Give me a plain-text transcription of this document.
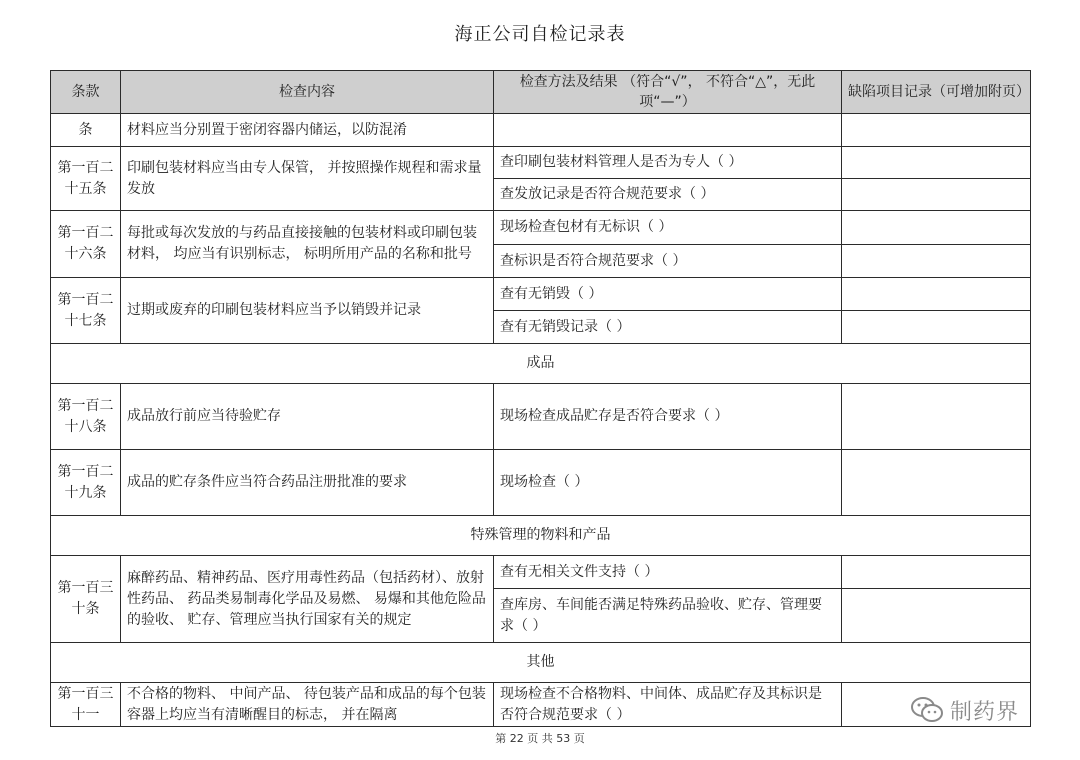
海正公司自检记录表
条款	检查内容	检查方法及结果 （符合“√”， 不符合“△”，无此项“—”）	缺陷项目记录（可增加附页）
条	材料应当分别置于密闭容器内储运，以防混淆		
第一百二十五条	印刷包装材料应当由专人保管， 并按照操作规程和需求量发放	查印刷包装材料管理人是否为专人（ ）	
		查发放记录是否符合规范要求（ ）	
第一百二十六条	每批或每次发放的与药品直接接触的包装材料或印刷包装材料， 均应当有识别标志， 标明所用产品的名称和批号	现场检查包材有无标识（ ）	
		查标识是否符合规范要求（ ）	
第一百二十七条	过期或废弃的印刷包装材料应当予以销毁并记录	查有无销毁（ ）	
		查有无销毁记录（ ）	
成品			
第一百二十八条	成品放行前应当待验贮存	现场检查成品贮存是否符合要求（ ）	
第一百二十九条	成品的贮存条件应当符合药品注册批准的要求	现场检查（ ）	
特殊管理的物料和产品			
第一百三十条	麻醉药品、精神药品、医疗用毒性药品（包括药材）、放射性药品、 药品类易制毒化学品及易燃、 易爆和其他危险品的验收、 贮存、管理应当执行国家有关的规定	查有无相关文件支持（ ）	
		查库房、车间能否满足特殊药品验收、贮存、管理要求（ ）	
其他			
第一百三十一	不合格的物料、 中间产品、 待包装产品和成品的每个包装容器上均应当有清晰醒目的标志， 并在隔离	现场检查不合格物料、中间体、成品贮存及其标识是否符合规范要求（ ）		制药界
第 22 页 共 53 页
